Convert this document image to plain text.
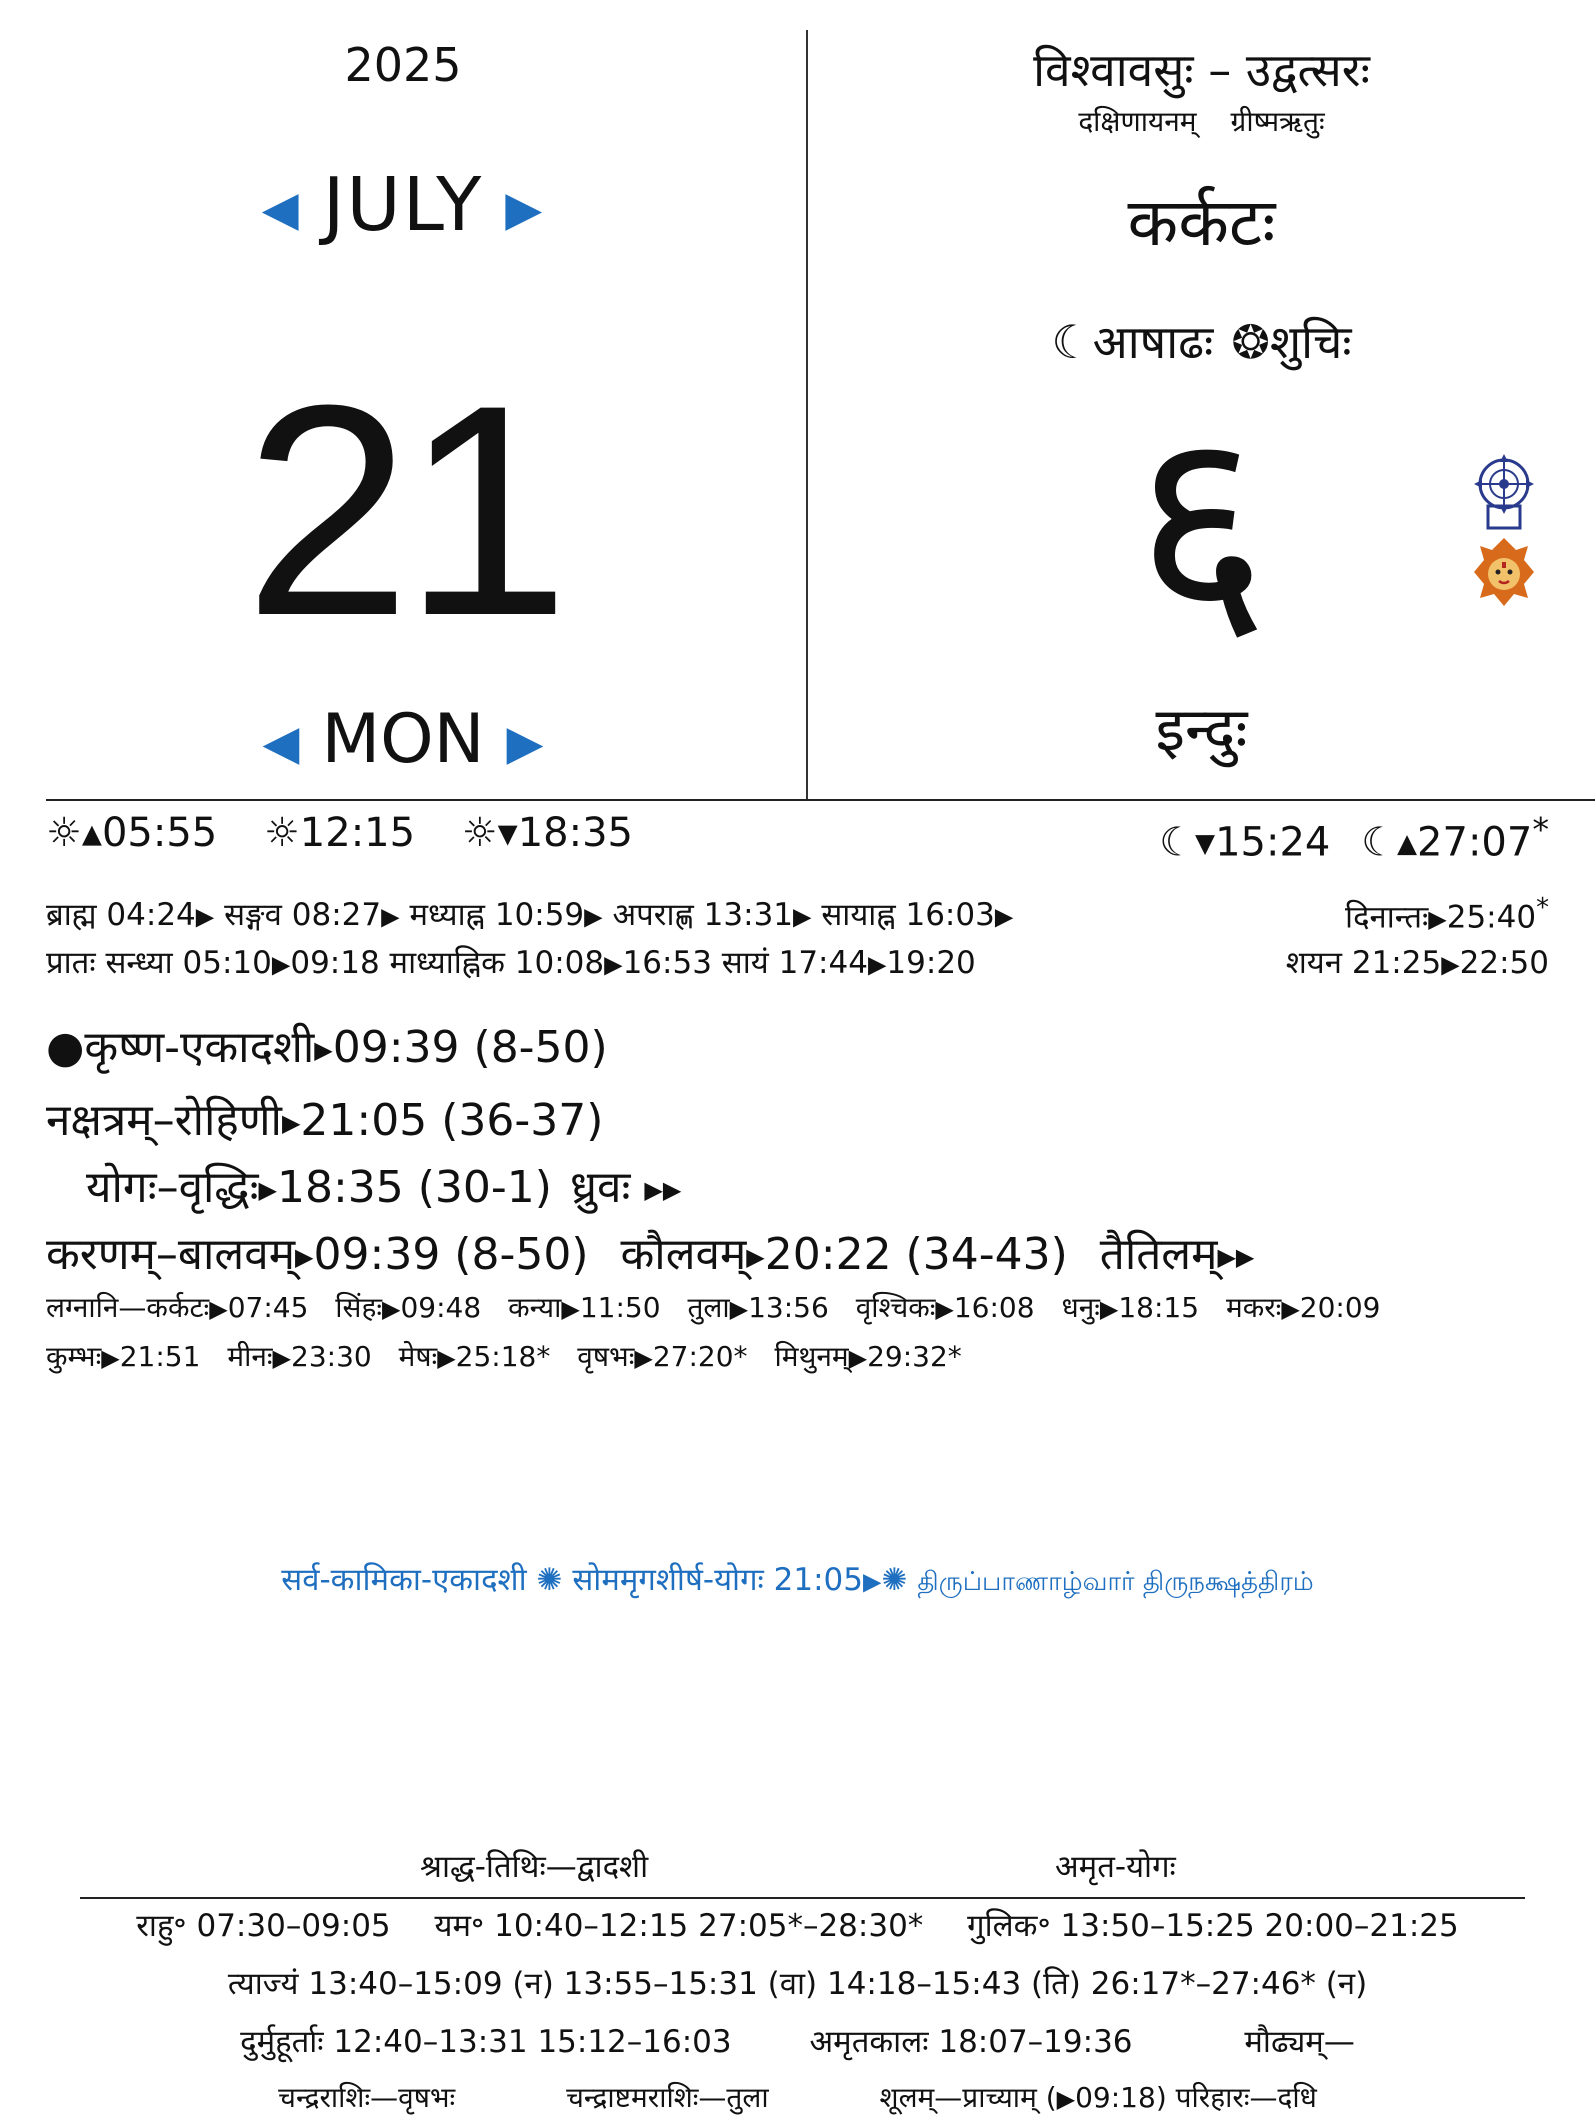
2025
◀ JULY ▶
21
◀ MON ▶
विश्वावसुः – उद्वत्सरः
दक्षिणायनम् ग्रीष्मऋतुः
कर्कटः
☾आषाढः ❂शुचिः
६
इन्दुः
☼▴05:55 ☼12:15 ☼▾18:35	☾▾15:24 ☾▴27:07*
ब्राह्म 04:24▶ सङ्गव 08:27▶ मध्याह्न 10:59▶ अपराह्ण 13:31▶ सायाह्न 16:03▶	दिनान्तः▶25:40*
प्रातः सन्ध्या 05:10▶09:18 माध्याह्निक 10:08▶16:53 सायं 17:44▶19:20	शयन 21:25▶22:50
●कृष्ण-एकादशी▶09:39 (8-50)
नक्षत्रम्–रोहिणी▶21:05 (36-37)
योगः–वृद्धिः▶18:35 (30-1) ध्रुवः ▶▶
करणम्–बालवम्▶09:39 (8-50) कौलवम्▶20:22 (34-43) तैतिलम्▶▶
लग्नानि—कर्कटः▶07:45 सिंहः▶09:48 कन्या▶11:50 तुला▶13:56 वृश्चिकः▶16:08 धनुः▶18:15 मकरः▶20:09
कुम्भः▶21:51 मीनः▶23:30 मेषः▶25:18* वृषभः▶27:20* मिथुनम्▶29:32*
सर्व-कामिका-एकादशी ✺ सोममृगशीर्ष-योगः 21:05▶✺ திருப்பாணாழ்வார் திருநக்ஷத்திரம்
श्राद्ध-तिथिः—द्वादशी	अमृत-योगः
राहु॰ 07:30–09:05 यम॰ 10:40–12:15 27:05*–28:30* गुलिक॰ 13:50–15:25 20:00–21:25
त्याज्यं 13:40–15:09 (न) 13:55–15:31 (वा) 14:18–15:43 (ति) 26:17*–27:46* (न)
दुर्मुहूर्ताः 12:40–13:31 15:12–16:03	अमृतकालः 18:07–19:36	मौढ्यम्—
चन्द्रराशिः—वृषभः	चन्द्राष्टमराशिः—तुला	शूलम्—प्राच्याम् (▶09:18) परिहारः—दधि
